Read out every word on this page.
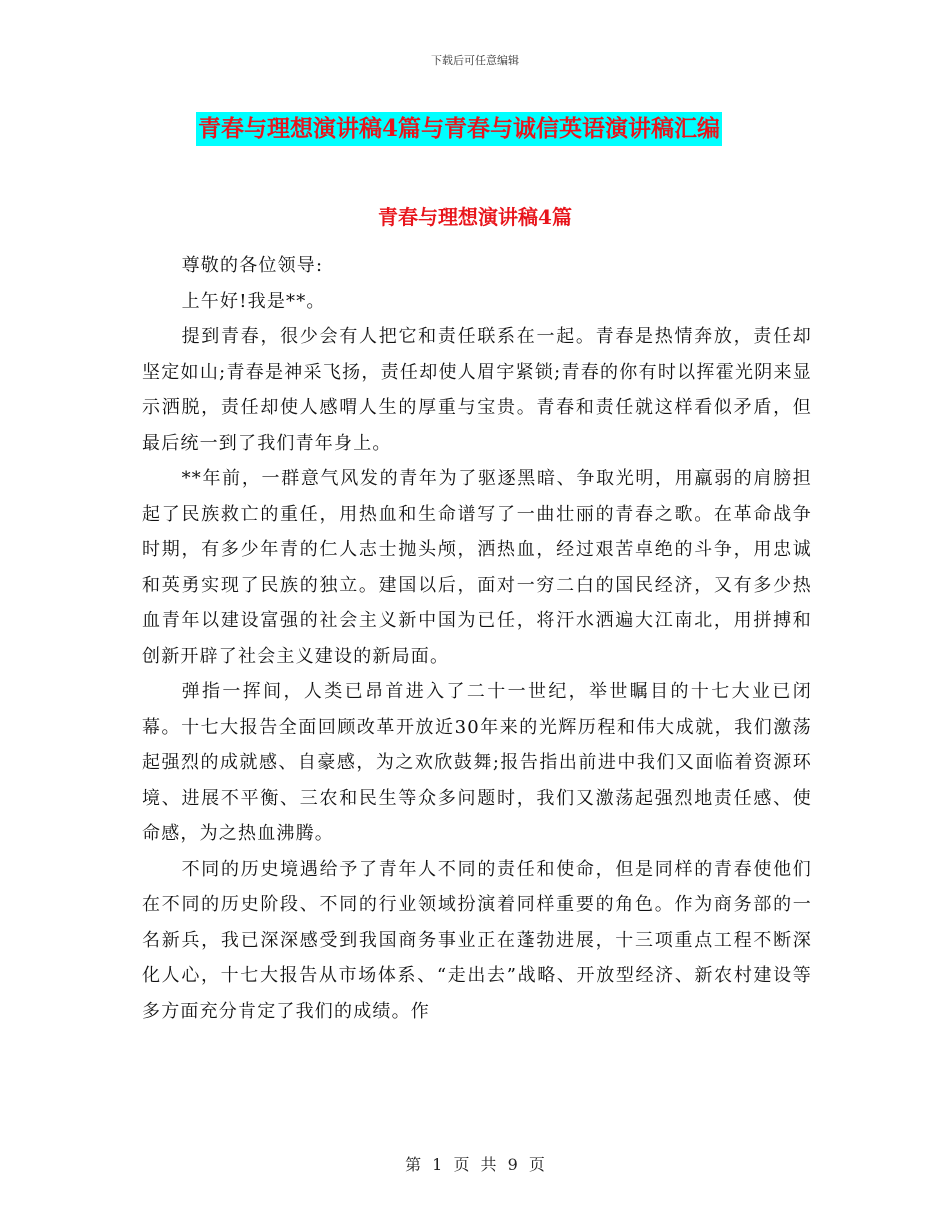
下载后可任意编辑
青春与理想演讲稿4篇与青春与诚信英语演讲稿汇编
青春与理想演讲稿4篇

尊敬的各位领导:

上午好!我是**。

提到青春，很少会有人把它和责任联系在一起。青春是热情奔放，责任却坚定如山;青春是神采飞扬，责任却使人眉宇紧锁;青春的你有时以挥霍光阴来显示洒脱，责任却使人感喟人生的厚重与宝贵。青春和责任就这样看似矛盾，但最后统一到了我们青年身上。

**年前，一群意气风发的青年为了驱逐黑暗、争取光明，用羸弱的肩膀担起了民族救亡的重任，用热血和生命谱写了一曲壮丽的青春之歌。在革命战争时期，有多少年青的仁人志士抛头颅，洒热血，经过艰苦卓绝的斗争，用忠诚和英勇实现了民族的独立。建国以后，面对一穷二白的国民经济，又有多少热血青年以建设富强的社会主义新中国为已任，将汗水洒遍大江南北，用拼搏和创新开辟了社会主义建设的新局面。

弹指一挥间，人类已昂首进入了二十一世纪，举世瞩目的十七大业已闭幕。十七大报告全面回顾改革开放近30年来的光辉历程和伟大成就，我们激荡起强烈的成就感、自豪感，为之欢欣鼓舞;报告指出前进中我们又面临着资源环境、进展不平衡、三农和民生等众多问题时，我们又激荡起强烈地责任感、使命感，为之热血沸腾。

不同的历史境遇给予了青年人不同的责任和使命，但是同样的青春使他们在不同的历史阶段、不同的行业领域扮演着同样重要的角色。作为商务部的一名新兵，我已深深感受到我国商务事业正在蓬勃进展，十三项重点工程不断深化人心，十七大报告从市场体系、“走出去”战略、开放型经济、新农村建设等多方面充分肯定了我们的成绩。作

第 1 页 共 9 页
